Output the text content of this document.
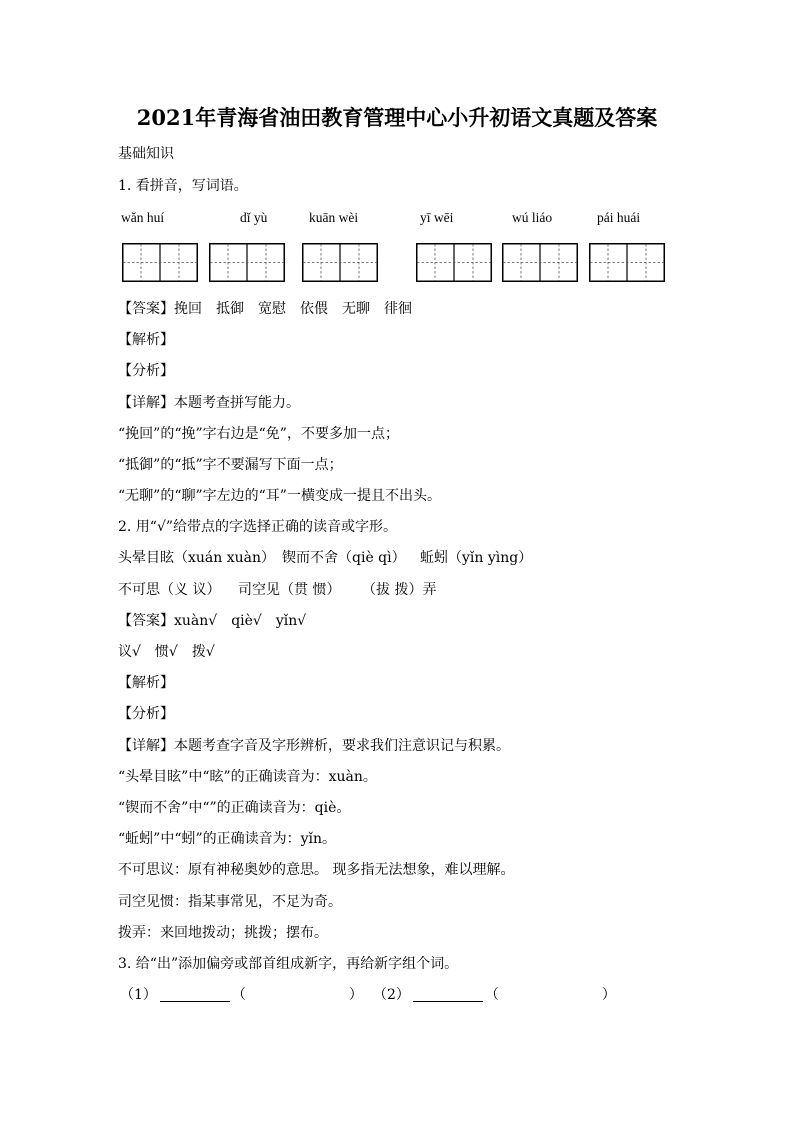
2021年青海省油田教育管理中心小升初语文真题及答案
基础知识
1. 看拼音，写词语。
wǎn huí	dǐ yù	kuān wèi	yī wēi	wú liáo	pái huái
【答案】挽回 抵御 宽慰 依偎 无聊 徘徊
【解析】
【分析】
【详解】本题考查拼写能力。
“挽回”的“挽”字右边是“免”，不要多加一点；
“抵御”的“抵”字不要漏写下面一点；
“无聊”的“聊”字左边的“耳”一横变成一提且不出头。
2. 用“√”给带点的字选择正确的读音或字形。
头晕目眩（xuán xuàn） 锲而不舍（qiè qì） 蚯蚓（yǐn yìng）
不可思（义 议） 司空见（贯 惯） （拔 拨）弄
【答案】xuàn√ qiè√ yǐn√
议√ 惯√ 拨√
【解析】
【分析】
【详解】本题考查字音及字形辨析，要求我们注意识记与积累。
“头晕目眩”中“眩”的正确读音为：xuàn。
“锲而不舍”中“”的正确读音为：qiè。
“蚯蚓”中“蚓”的正确读音为：yǐn。
不可思议：原有神秘奥妙的意思。 现多指无法想象，难以理解。
司空见惯：指某事常见，不足为奇。
拨弄：来回地拨动；挑拨；摆布。
3. 给“出”添加偏旁或部首组成新字，再给新字组个词。
（1）	（	） （2）	（	）
